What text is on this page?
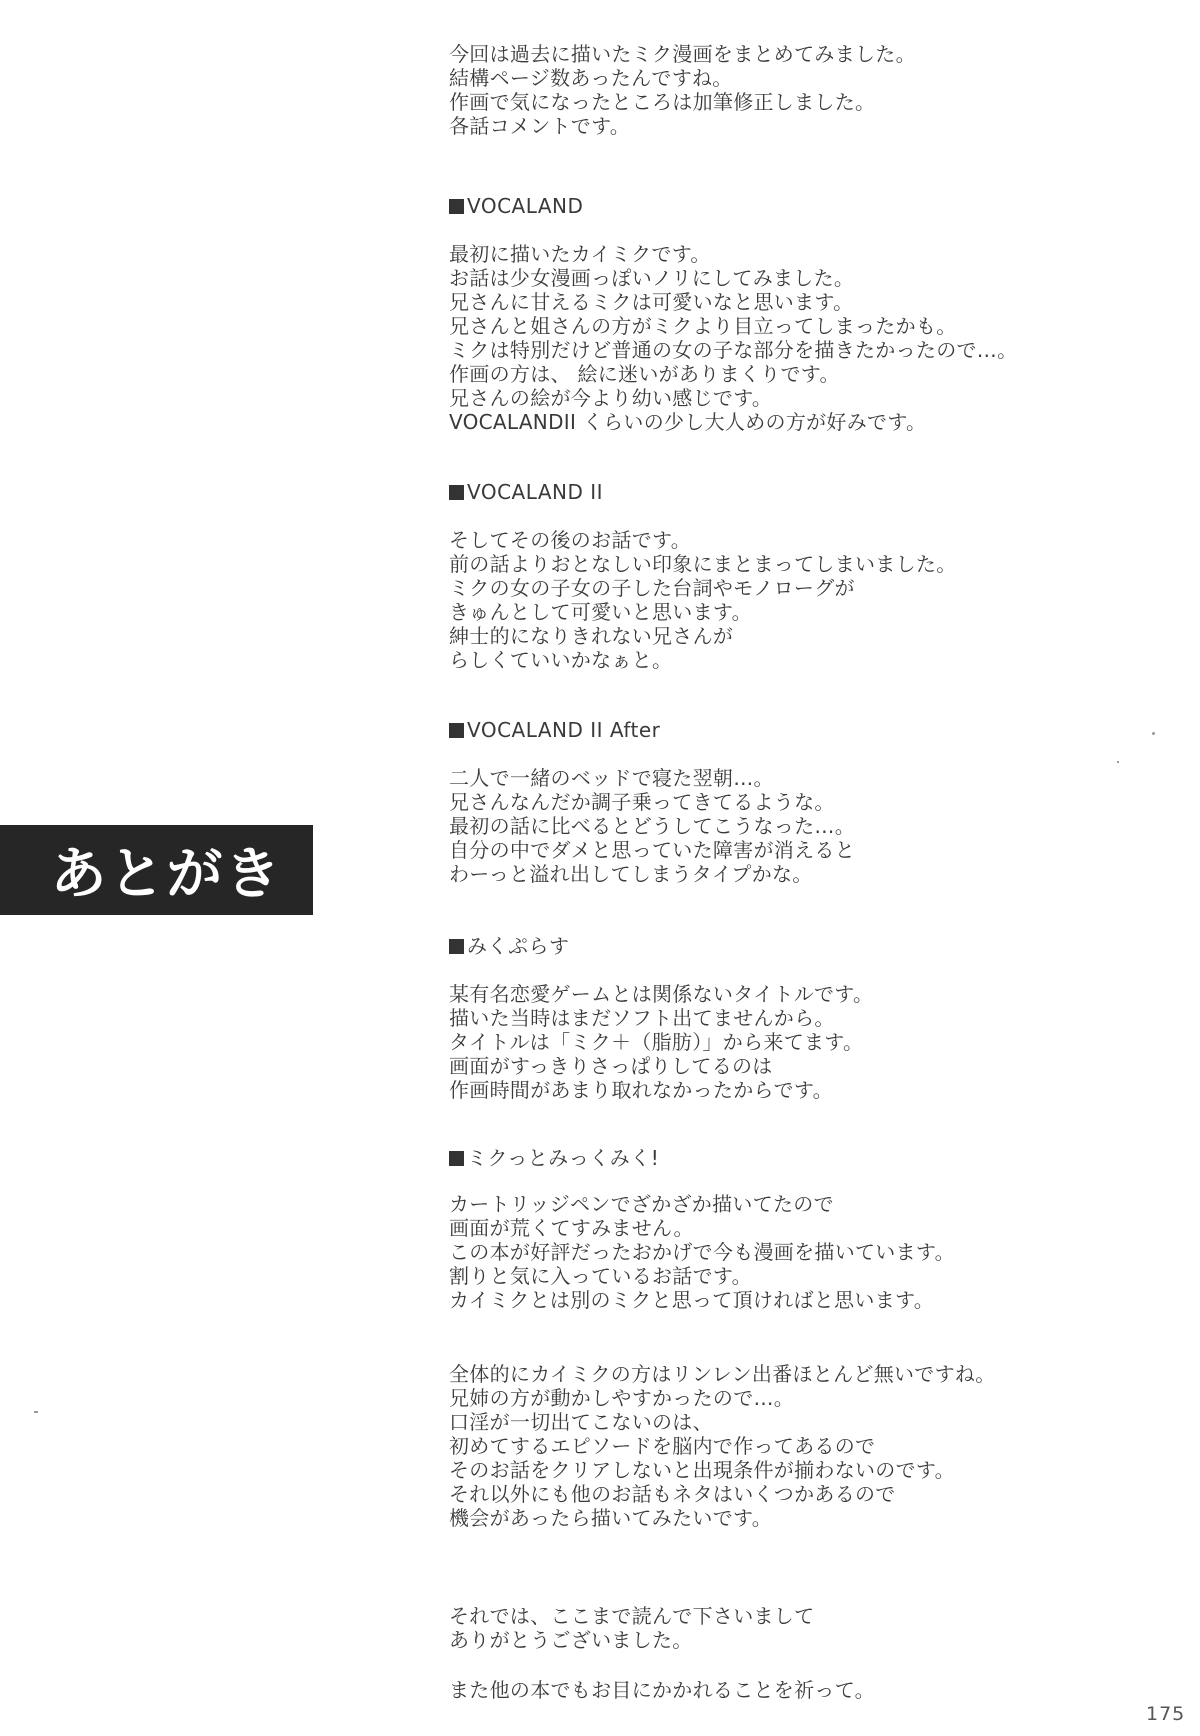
今回は過去に描いたミク漫画をまとめてみました。
結構ページ数あったんですね。
作画で気になったところは加筆修正しました。
各話コメントです。
VOCALAND
最初に描いたカイミクです。
お話は少女漫画っぽいノリにしてみました。
兄さんに甘えるミクは可愛いなと思います。
兄さんと姐さんの方がミクより目立ってしまったかも。
ミクは特別だけど普通の女の子な部分を描きたかったので…。
作画の方は、 絵に迷いがありまくりです。
兄さんの絵が今より幼い感じです。
VOCALANDII くらいの少し大人めの方が好みです。
VOCALAND II
そしてその後のお話です。
前の話よりおとなしい印象にまとまってしまいました。
ミクの女の子女の子した台詞やモノローグが
きゅんとして可愛いと思います。
紳士的になりきれない兄さんが
らしくていいかなぁと。
VOCALAND II After
二人で一緒のベッドで寝た翌朝…。
兄さんなんだか調子乗ってきてるような。
最初の話に比べるとどうしてこうなった…。
自分の中でダメと思っていた障害が消えると
わーっと溢れ出してしまうタイプかな。
みくぷらす
某有名恋愛ゲームとは関係ないタイトルです。
描いた当時はまだソフト出てませんから。
タイトルは「ミク＋（脂肪）」から来てます。
画面がすっきりさっぱりしてるのは
作画時間があまり取れなかったからです。
ミクっとみっくみく!
カートリッジペンでざかざか描いてたので
画面が荒くてすみません。
この本が好評だったおかげで今も漫画を描いています。
割りと気に入っているお話です。
カイミクとは別のミクと思って頂ければと思います。
全体的にカイミクの方はリンレン出番ほとんど無いですね。
兄姉の方が動かしやすかったので…。
口淫が一切出てこないのは、
初めてするエピソードを脳内で作ってあるので
そのお話をクリアしないと出現条件が揃わないのです。
それ以外にも他のお話もネタはいくつかあるので
機会があったら描いてみたいです。
それでは、ここまで読んで下さいまして
ありがとうございました。
また他の本でもお目にかかれることを祈って。
あとがき
175
